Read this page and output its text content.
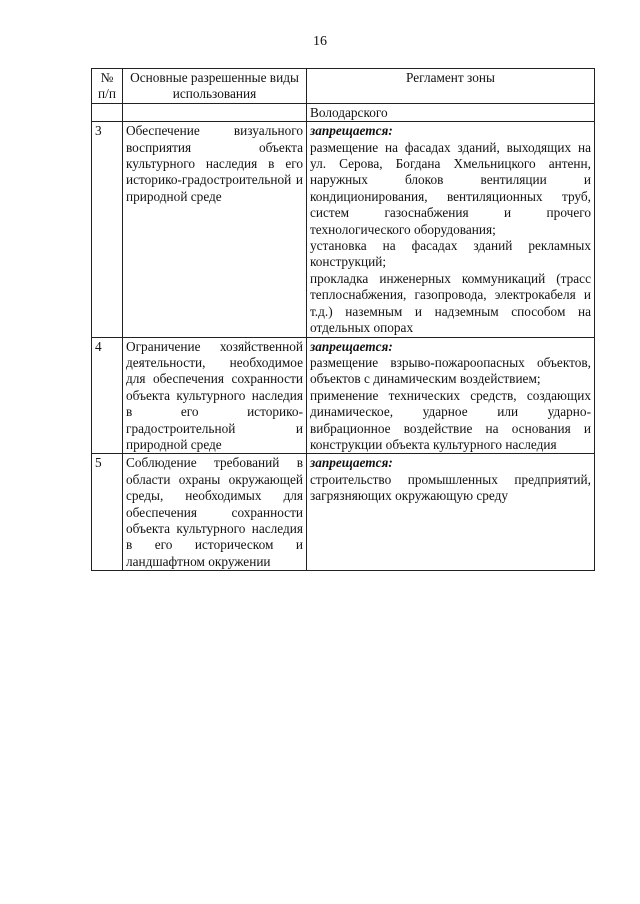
16
№ п/п	Основные разрешенные виды использования	Регламент зоны
		Володарского
3	Обеспечение визуального восприятия объекта культурного наследия в его историко-градостроительной и природной среде	запрещается:
размещение на фасадах зданий, выходящих на ул. Серова, Богдана Хмельницкого антенн, наружных блоков вентиляции и кондиционирования, вентиляционных труб, систем газоснабжения и прочего технологического оборудования;
установка на фасадах зданий рекламных конструкций;
прокладка инженерных коммуникаций (трасс теплоснабжения, газопровода, электрокабеля и т.д.) наземным и надземным способом на отдельных опорах

4	Ограничение хозяйственной деятельности, необходимое для обеспечения сохранности объекта культурного наследия в его историко-градостроительной и природной среде	запрещается:
размещение взрыво-пожароопасных объектов, объектов с динамическим воздействием;
применение технических средств, создающих динамическое, ударное или ударно-вибрационное воздействие на основания и конструкции объекта культурного наследия

5	Соблюдение требований в области охраны окружающей среды, необходимых для обеспечения сохранности объекта культурного наследия в его историческом и ландшафтном окружении	запрещается:
строительство промышленных предприятий, загрязняющих окружающую среду
